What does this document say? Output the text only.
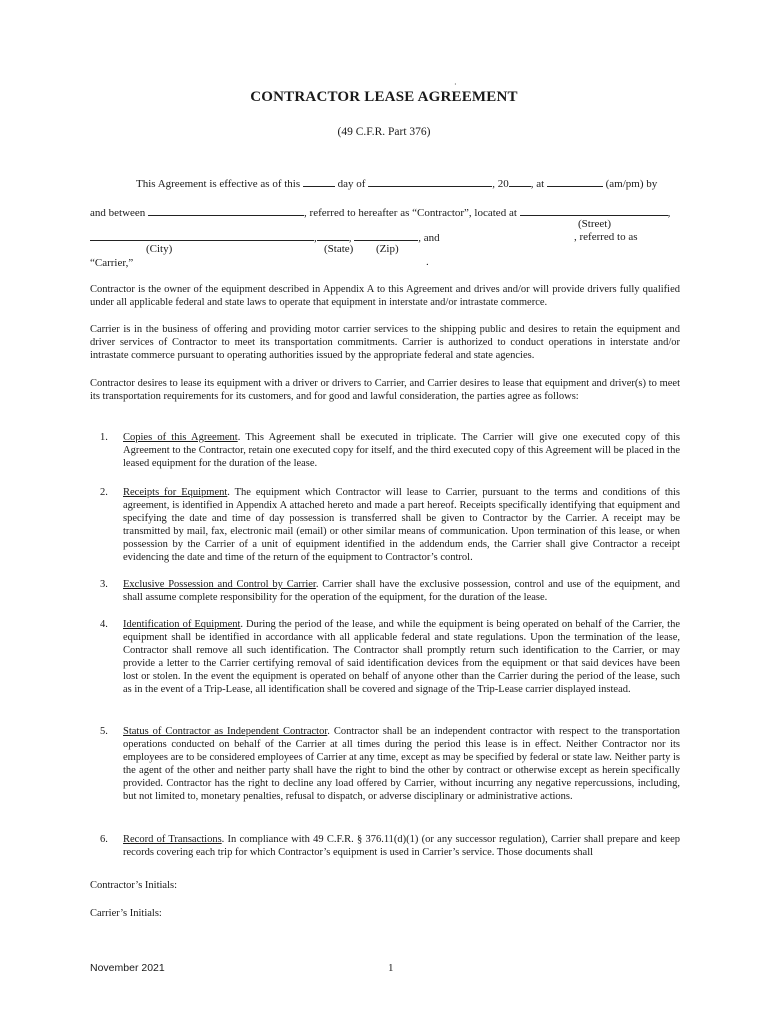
·
CONTRACTOR LEASE AGREEMENT
(49 C.F.R. Part 376)
This Agreement is effective as of this	day of	, 20 , at	(am/pm) by
and between	, referred to hereafter as “Contractor”, located at	,
(Street)
,	,	, and	, referred to as
(City)	(State) (Zip)
“Carrier,”	.
Contractor is the owner of the equipment described in Appendix A to this Agreement and drives and/or will provide drivers fully qualified under all applicable federal and state laws to operate that equipment in interstate and/or intrastate commerce.
Carrier is in the business of offering and providing motor carrier services to the shipping public and desires to retain the equipment and driver services of Contractor to meet its transportation commitments. Carrier is authorized to conduct operations in interstate and/or intrastate commerce pursuant to operating authorities issued by the appropriate federal and state agencies.
Contractor desires to lease its equipment with a driver or drivers to Carrier, and Carrier desires to lease that equipment and driver(s) to meet its transportation requirements for its customers, and for good and lawful consideration, the parties agree as follows:
1. Copies of this Agreement. This Agreement shall be executed in triplicate. The Carrier will give one executed copy of this Agreement to the Contractor, retain one executed copy for itself, and the third executed copy of this Agreement will be placed in the leased equipment for the duration of the lease.
2. Receipts for Equipment. The equipment which Contractor will lease to Carrier, pursuant to the terms and conditions of this agreement, is identified in Appendix A attached hereto and made a part hereof. Receipts specifically identifying that equipment and specifying the date and time of day possession is transferred shall be given to Contractor by the Carrier. A receipt may be transmitted by mail, fax, electronic mail (email) or other similar means of communication. Upon termination of this lease, or when possession by the Carrier of a unit of equipment identified in the addendum ends, the Carrier shall give Contractor a receipt evidencing the date and time of the return of the equipment to Contractor’s control.
3. Exclusive Possession and Control by Carrier. Carrier shall have the exclusive possession, control and use of the equipment, and shall assume complete responsibility for the operation of the equipment, for the duration of the lease.
4. Identification of Equipment. During the period of the lease, and while the equipment is being operated on behalf of the Carrier, the equipment shall be identified in accordance with all applicable federal and state regulations. Upon the termination of the lease, Contractor shall remove all such identification. The Contractor shall promptly return such identification to the Carrier, or may provide a letter to the Carrier certifying removal of said identification devices from the equipment or that said devices have been lost or stolen. In the event the equipment is operated on behalf of anyone other than the Carrier during the period of the lease, such as in the event of a Trip-Lease, all identification shall be covered and signage of the Trip-Lease carrier displayed instead.
5. Status of Contractor as Independent Contractor. Contractor shall be an independent contractor with respect to the transportation operations conducted on behalf of the Carrier at all times during the period this lease is in effect. Neither Contractor nor its employees are to be considered employees of Carrier at any time, except as may be specified by federal or state law. Neither party is the agent of the other and neither party shall have the right to bind the other by contract or otherwise except as herein specifically provided. Contractor has the right to decline any load offered by Carrier, without incurring any negative repercussions, including, but not limited to, monetary penalties, refusal to dispatch, or adverse disciplinary or administrative actions.
6. Record of Transactions. In compliance with 49 C.F.R. § 376.11(d)(1) (or any successor regulation), Carrier shall prepare and keep records covering each trip for which Contractor’s equipment is used in Carrier’s service. Those documents shall
Contractor’s Initials:
Carrier’s Initials:
November 2021	1
